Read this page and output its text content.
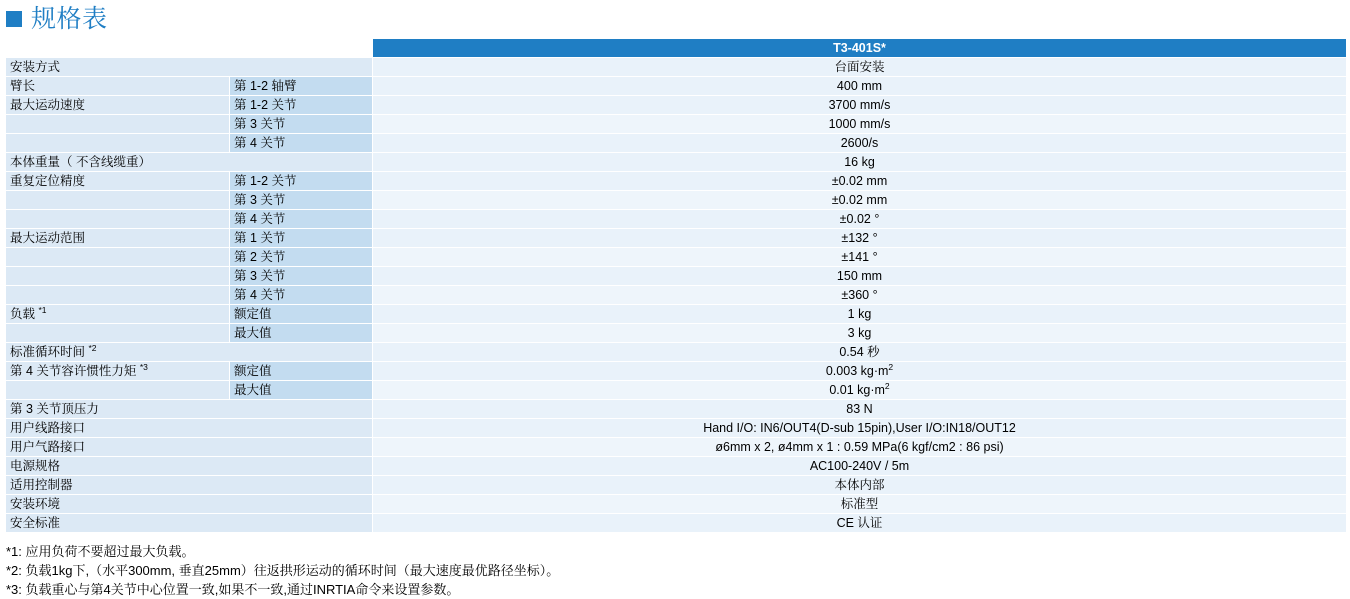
规格表
		T3-401S*
安装方式		台面安装
臂长	第 1-2 轴臂	400 mm
最大运动速度	第 1-2 关节	3700 mm/s
	第 3 关节	1000 mm/s
	第 4 关节	2600/s
本体重量（ 不含线缆重）		16 kg
重复定位精度	第 1-2 关节	±0.02 mm
	第 3 关节	±0.02 mm
	第 4 关节	±0.02 °
最大运动范围	第 1 关节	±132 °
	第 2 关节	±141 °
	第 3 关节	150 mm
	第 4 关节	±360 °
负载 $^{*1}$	额定值	1 kg
	最大值	3 kg
标准循环时间 $^{*2}$		0.54 秒
第 4 关节容许惯性力矩 $^{*3}$	额定值	0.003 $kg\cdot m^2$
	最大值	0.01 $kg\cdot m^2$
第 3 关节顶压力		83 N
用户线路接口		Hand I/O: IN6/OUT4(D-sub 15pin),User I/O:IN18/OUT12
用户气路接口		ø6mm x 2, ø4mm x 1 : 0.59 MPa(6 kgf/cm2 : 86 psi)
电源规格		AC100-240V / 5m
适用控制器		本体内部
安装环境		标准型
安全标准		CE 认证
*1: 应用负荷不要超过最大负载。
*2: 负载1kg下,（水平300mm, 垂直25mm）往返拱形运动的循环时间（最大速度最优路径坐标）。
*3: 负载重心与第4关节中心位置一致,如果不一致,通过INRTIA命令来设置参数。
